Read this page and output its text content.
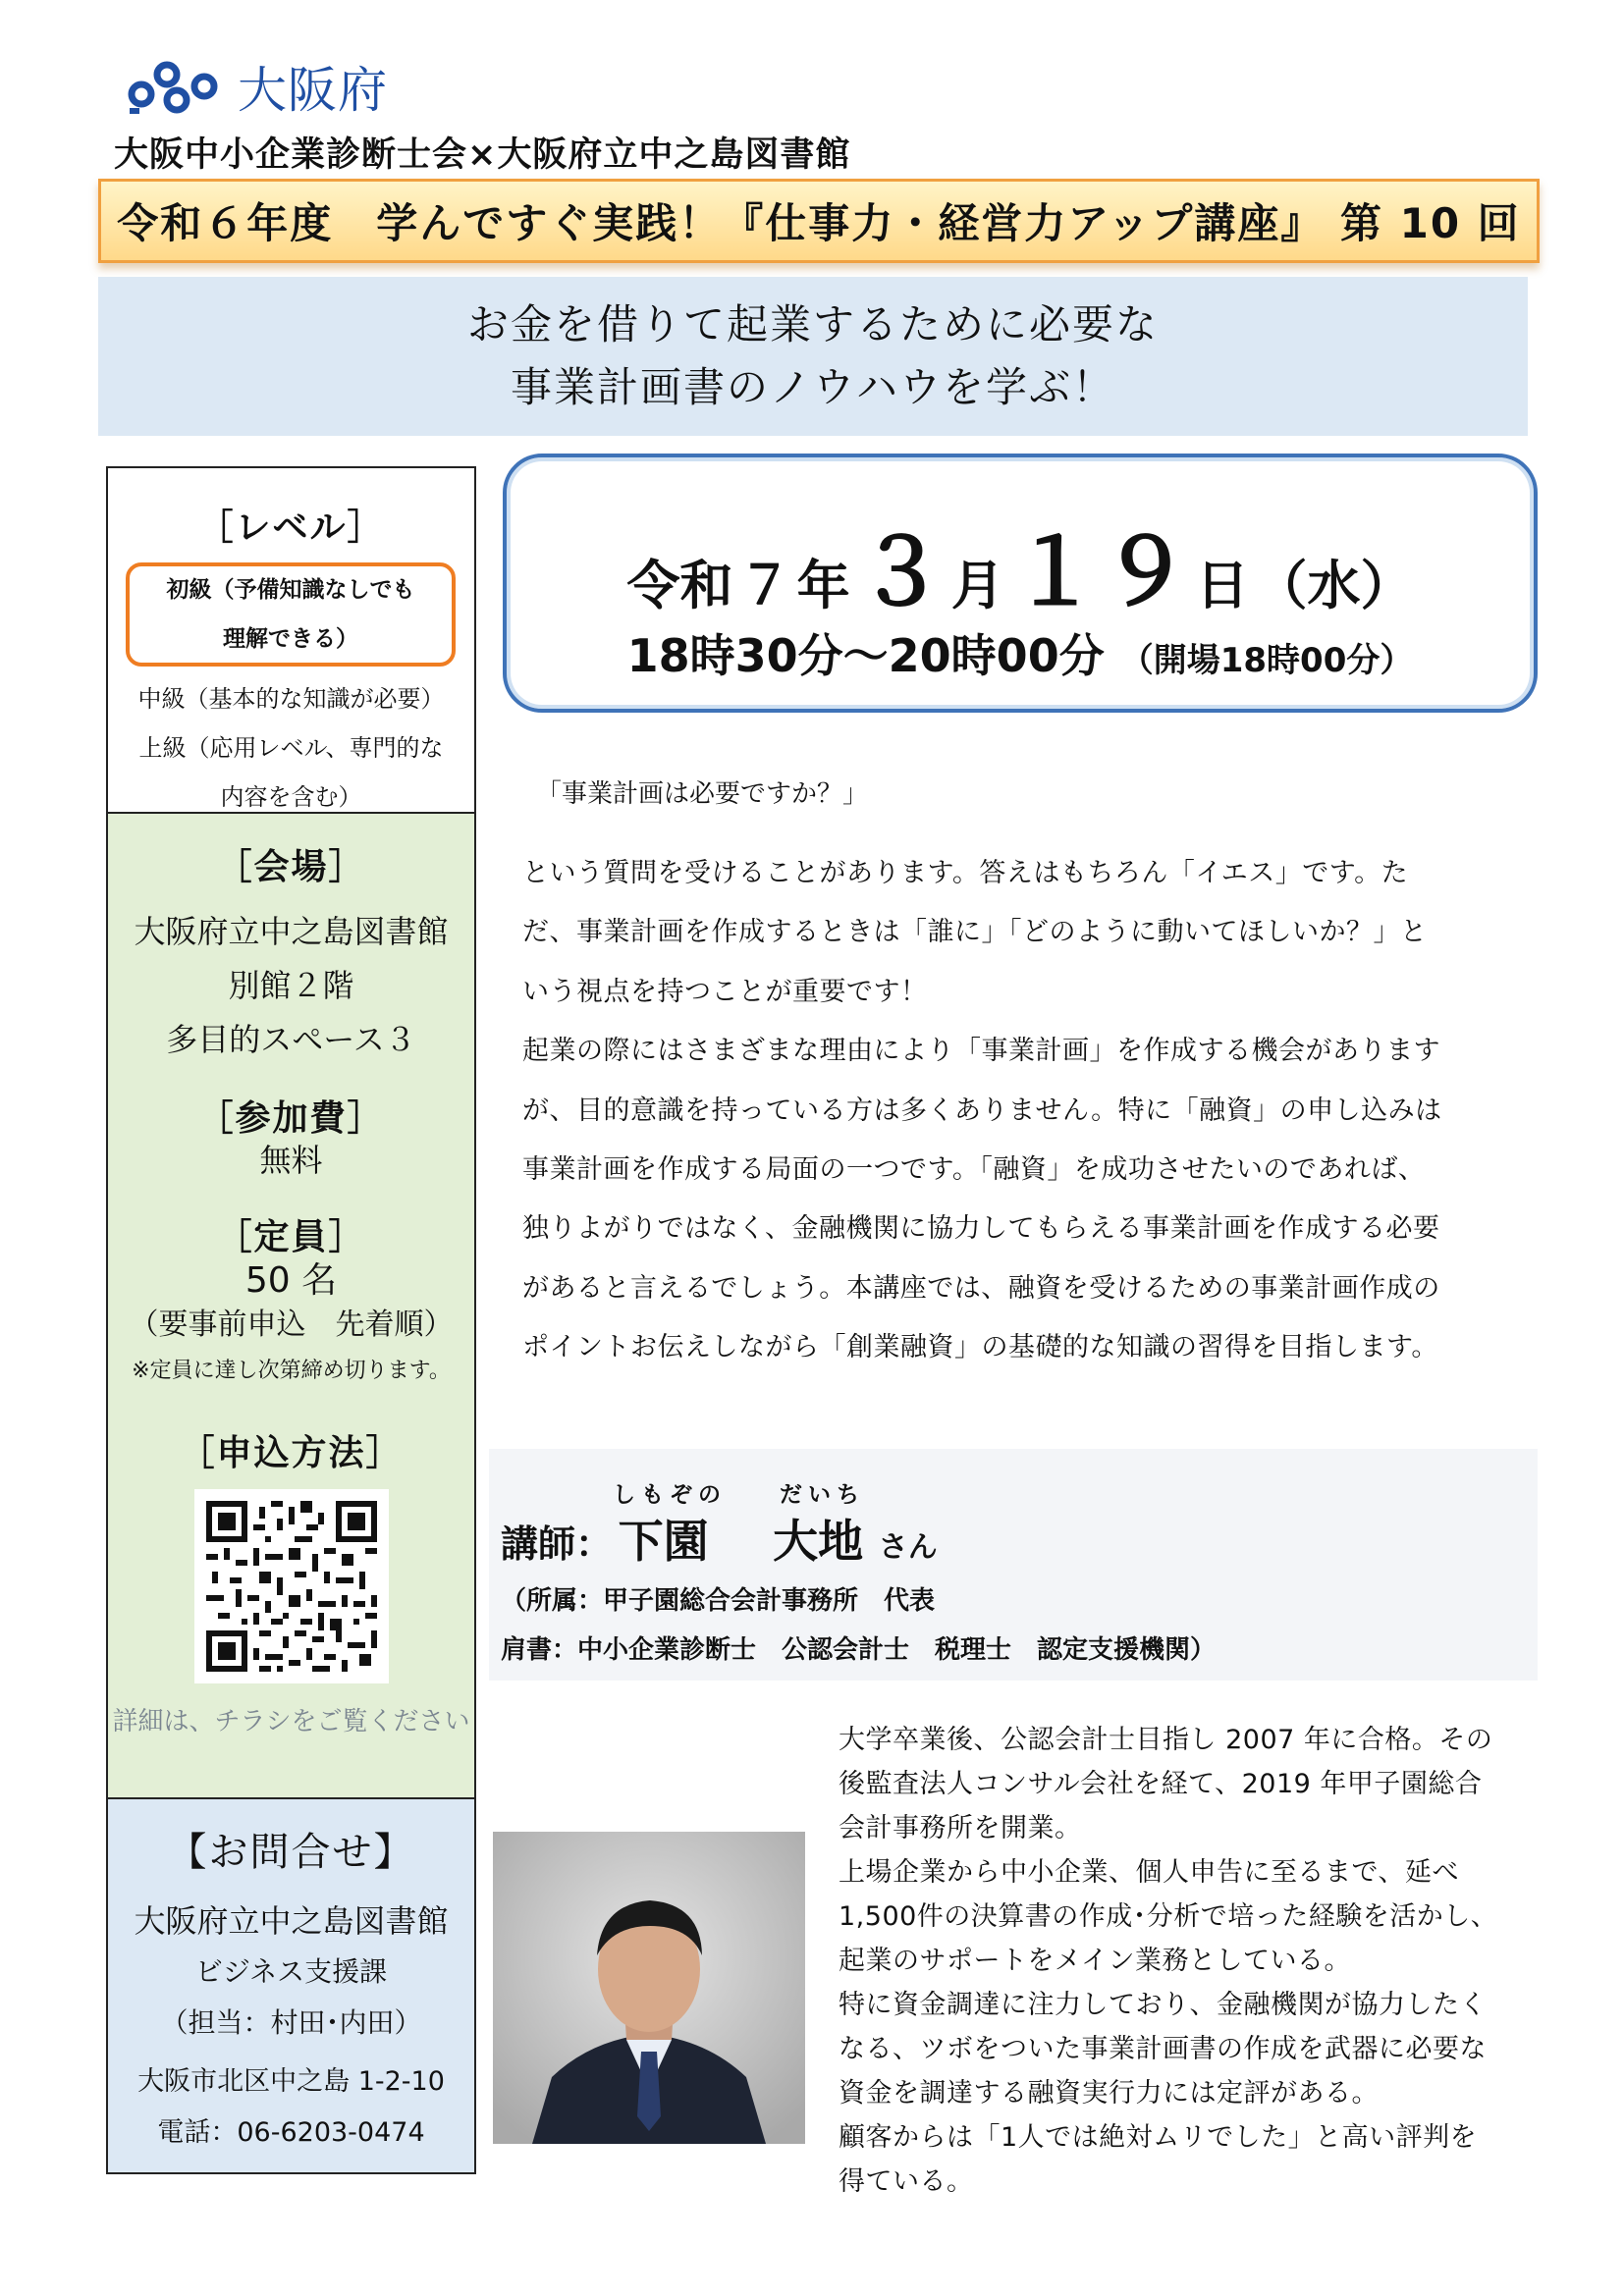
大阪府
大阪中小企業診断士会×大阪府立中之島図書館
令和６年度　学んですぐ実践！『仕事力・経営力アップ講座』 第 10 回
お金を借りて起業するために必要な
事業計画書のノウハウを学ぶ！
［レベル］
初級（予備知識なしでも
理解できる）
中級（基本的な知識が必要）
上級（応用レベル、専門的な
内容を含む）
［会場］
大阪府立中之島図書館
別館２階
多目的スペース３
［参加費］
無料
［定員］
50 名
（要事前申込　先着順）
※定員に達し次第締め切ります。
［申込方法］
詳細は、チラシをご覧ください
【お問合せ】
大阪府立中之島図書館
ビジネス支援課
（担当：村田･内田）
大阪市北区中之島 1-2-10
電話：06-6203-0474
令和 ７ 年 ３ 月 １９ 日 （水）
18時30分～20時00分 （開場18時00分）
「事業計画は必要ですか？」
という質問を受けることがあります。答えはもちろん「イエス」です。た
だ、事業計画を作成するときは「誰に」「どのように動いてほしいか？」と
いう視点を持つことが重要です！
起業の際にはさまざまな理由により「事業計画」を作成する機会があります
が、目的意識を持っている方は多くありません。特に「融資」の申し込みは
事業計画を作成する局面の一つです。「融資」を成功させたいのであれば、
独りよがりではなく、金融機関に協力してもらえる事業計画を作成する必要
があると言えるでしょう。本講座では、融資を受けるための事業計画作成の
ポイントお伝えしながら「創業融資」の基礎的な知識の習得を目指します。
しもぞの だいち
講師： 下園 大地 さん
（所属：甲子園総合会計事務所　代表
肩書：中小企業診断士　公認会計士　税理士　認定支援機関）
大学卒業後、公認会計士目指し 2007 年に合格。その
後監査法人コンサル会社を経て、2019 年甲子園総合
会計事務所を開業。
上場企業から中小企業、個人申告に至るまで、延べ
1,500件の決算書の作成･分析で培った経験を活かし、
起業のサポートをメイン業務としている。
特に資金調達に注力しており、金融機関が協力したく
なる、ツボをついた事業計画書の作成を武器に必要な
資金を調達する融資実行力には定評がある。
顧客からは「1人では絶対ムリでした」と高い評判を
得ている。
